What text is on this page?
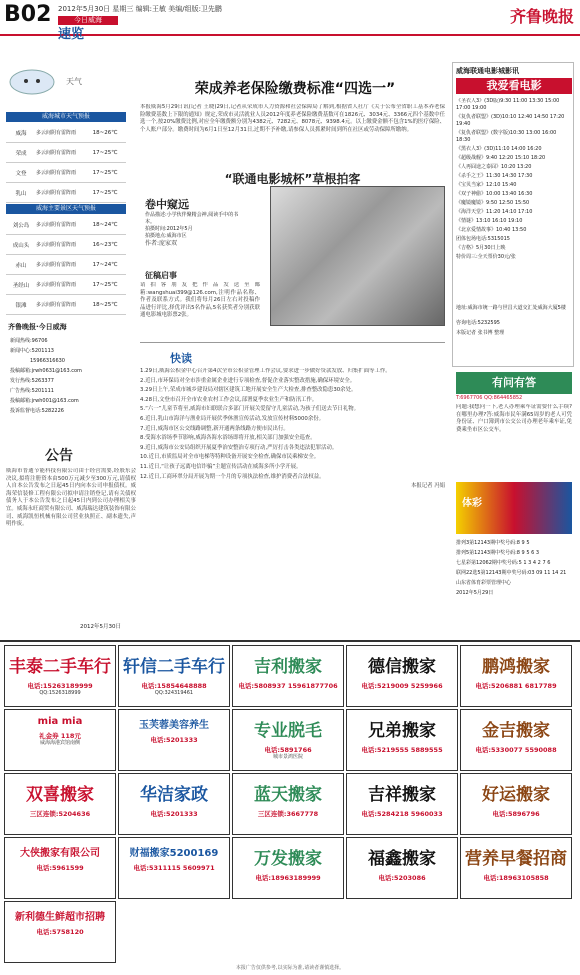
B02 2012年5月30日 星期三 编辑:王敏 美编/组版:卫先鹏
今日威海
速览
齐鲁晚报
天气
威海城市天气预报
威海	多云间阴有雷阵雨	18~26℃
荣成	多云间阴有雷阵雨	17~25℃
文登	多云间阴有雷阵雨	17~25℃
乳山	多云间阴有雷阵雨	17~25℃
威海主要景区天气预报
刘公岛	多云间阴有雷阵雨	18~24℃
成山头	多云间阴有雷阵雨	16~23℃
赤山	多云间阴有雷阵雨	17~24℃
圣经山	多云间阴有雷阵雨	17~25℃
银滩	多云间阴有雷阵雨	18~25℃
齐鲁晚报·今日威海
新闻热线:96706
新闻中心:5201113
　　　　15966316630
投稿邮箱:jrwh0631@163.com
发行热线:5263377
广告热线:5201111
投稿邮箱:jrwh001@163.com
投诉监督电话:5282226
荣成养老保险缴费标准“四选一”
本报威海5月29日讯(记者 王晓)29日,记者从荣成市人力资源和社会保障局了解到,根据省人社厅《关于公布全省职工基本养老保险缴费基数上下限的通知》规定,荣成市灵活就业人员2012年度养老保险缴费基数可在1826元、3034元、3366元四个基数中任选一个,按20%缴费比例,对应全年缴费额分别为4382元、7282元、8078元、9398.4元。以上缴费金额不包含1%的医疗保险、个人账户部分。缴费时间为6月1日至12月31日,过期不予补缴,请参保人员抓紧时间到所在社区或劳动保障所缴纳。
“联通电影城杯”草根拍客
卷中窥远
作品描述:小学伙伴聚精会神,阅读手中的书本。
拍摄时间:2012年5月
拍摄地点:威海市区
作者:庞家双
征稿启事
请拍客朋友把作品发送至邮箱:wangshuai399@126.com,注明作品名称、作者及联系方式。我们将每月26日左右对投稿作品进行评比,择优评出5名作品,5名获奖者分别获联通电影城电影票2张。
快读
1.29日,威海公积金中心召开第4次全市公积金管理工作会议,要求进一步做好贷款发放、归集扩面等工作。
2.近日,市环保局对全市涉重金属企业进行专项检查,督促企业落实整改措施,确保环境安全。
3.29日上午,荣成市城乡建设局对辖区建筑工地开展安全生产大检查,排查整改隐患30余处。
4.28日,文登市召开全市农业农村工作会议,部署夏季农业生产和防汛工作。
5.“六一”儿童节将至,威海市妇联联合多部门开展关爱留守儿童活动,为孩子们送去节日礼物。
6.近日,乳山市海洋与渔业局开展伏季休渔宣传活动,发放宣传材料5000余份。
7.近日,威海市区公交线路调整,新开通两条线路方便市民出行。
8.受海水浴场季节影响,威海各海水浴场即将开放,相关部门加强安全巡查。
9.近日,威海市公安局组织开展夏季治安整治专项行动,严厉打击各类违法犯罪活动。
10.近日,市质监局对全市电梯等特种设备开展安全检查,确保市民乘梯安全。
11.近日,“让孩子远离电信诈骗”主题宣传活动在威海多所小学开展。
12.近日,工商环翠分局开展为期一个月的专项执法检查,维护消费者合法权益。
本报记者 冯娟
公告
威海市普通节能科技有限公司由于经营需要,经股东会决议,拟将注册资本由500万元减少至300万元,请债权人自本公告发布之日起45日内向本公司申报债权。威海荣信装修工程有限公司拟申请注销登记,请有关债权债务人于本公告发布之日起45日内到公司办理相关事宜。威海永旺商贸有限公司、威海瑞达建筑装饰有限公司、威海凯恒机械有限公司营业执照正、副本遗失,声明作废。
2012年5月30日
威海联通电影城影讯
我爱看电影
《圣衣人3》(3D版)9:30 11:00 13:30 15:00 17:00 19:00
《复仇者联盟》(3D)10:10 12:40 14:50 17:20 19:40
《复仇者联盟》(数字版)10:30 13:00 16:00 18:30
《黑衣人3》(3D)11:10 14:00 16:20
《超级战舰》9:40 12:20 15:10 18:20
《人再囧途之泰囧》10:20 13:20
《杀手之王》11:30 14:30 17:30
《宝贝当家》12:10 15:40
《双子神偷》10:00 13:40 16:30
《魔镜魔镜》9:50 12:50 15:50
《海洋天堂》11:20 14:10 17:10
《情谜》13:10 16:10 19:10
《北京爱情故事》10:40 13:50
团体包场电话:5315015
《吉格》5月30日上映
特价周三:全天票价30元/张
地址:威海市统一路与世昌大道交汇处威海大厦5楼
咨询电话:5232595
本版记者 张书博 整理
有问有答
T:6967706 QQ:864465852
问题:我想问一下,老人办理乘车证需要什么手续?在哪里办理?答:威海市民年满65周岁的老人可凭身份证、户口簿到市公交公司办理老年乘车证,免费乘坐市区公交车。
体彩
排列3第12143期中奖号码:8 9 5
排列5第12143期中奖号码:8 9 5 6 3
七星彩第12062期中奖号码:5 1 3 4 2 7 6
联网22选5第12143期中奖号码:03 09 11 14 21
山东省体育彩票管理中心
2012年5月29日
丰泰二手车行
电话:15263189999
QQ:1526318999
轩信二手车行
电话:15854648888
QQ:324319461
吉利搬家
电话:5808937 15961877706
德信搬家
电话:5219009 5259966
鹏鸿搬家
电话:5206881 6817789
mia mia
礼金券 118元
威海海港宾馆南侧
玉芙蓉美容养生
电话:5201333	专业脱毛
电话:5891766
城市景鸿医院
兄弟搬家
电话:5219555 5889555
金吉搬家
电话:5330077 5590088
双喜搬家
三区连锁:5204636
华洁家政
电话:5201333
蓝天搬家
三区连锁:3667778
吉祥搬家
电话:5284218 5960033
好运搬家
电话:5896796
大侠搬家有限公司
电话:5961599
财福搬家5200169
电话:5311115 5609971	万发搬家
电话:18963189999
福鑫搬家
电话:5203086
营养早餐招商
电话:18963105858
新利德生鲜超市招聘
电话:5758120
本报广告仅供参考,以实际为准,请读者谨慎选择。
